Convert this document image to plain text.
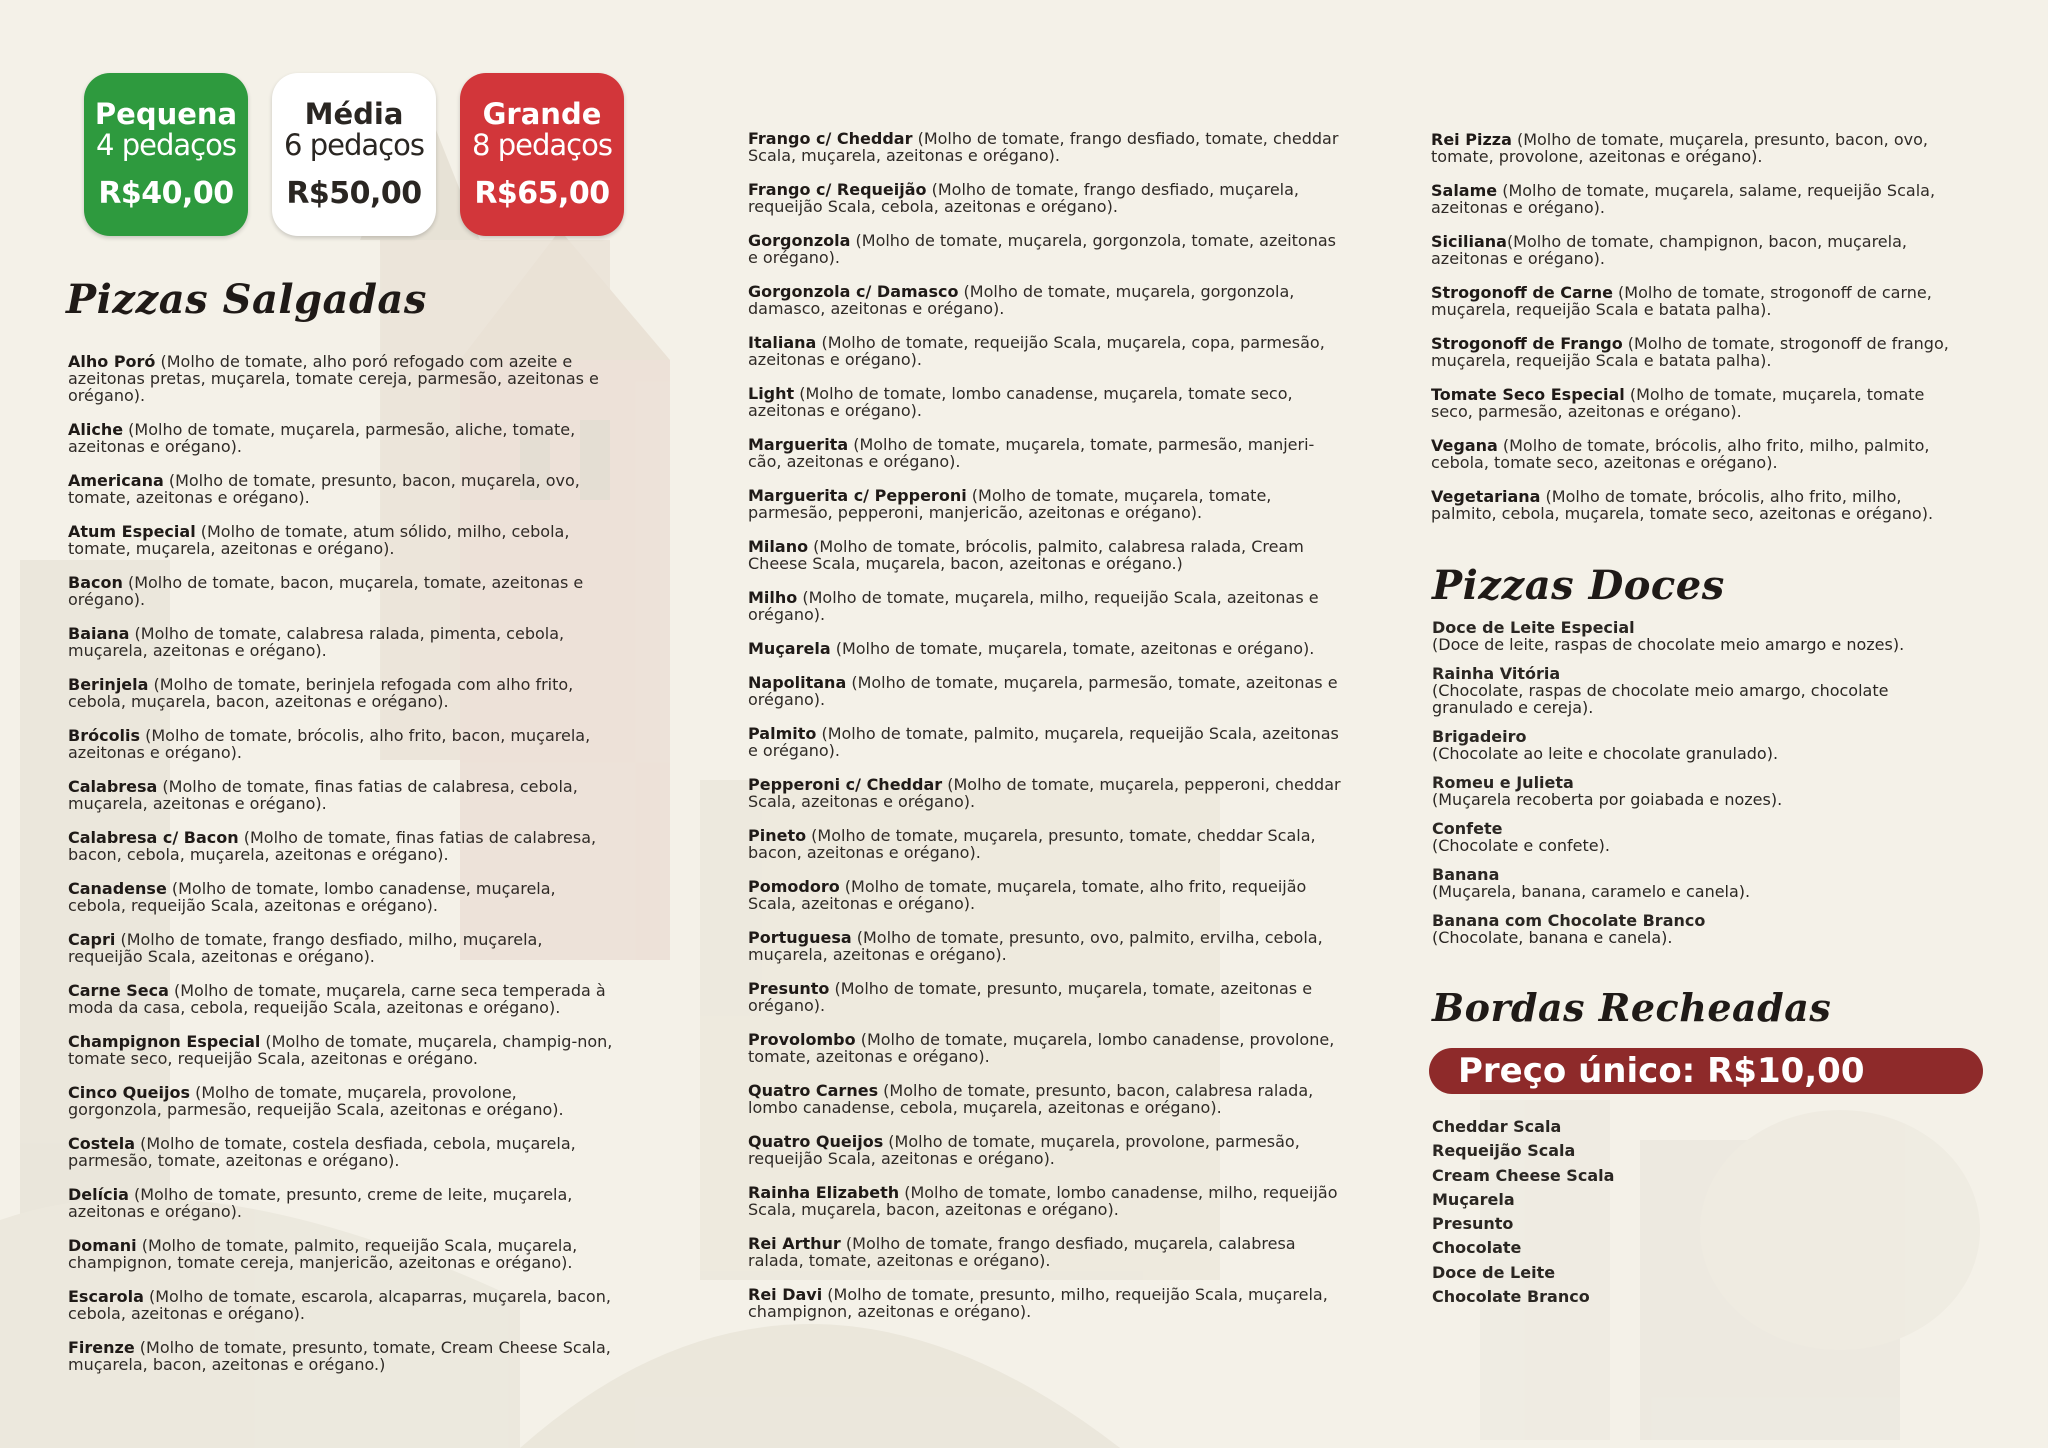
Pequena
4 pedaços
R$40,00
Média
6 pedaços
R$50,00
Grande
8 pedaços
R$65,00
Pizzas Salgadas
Alho Poró (Molho de tomate, alho poró refogado com azeite e azeitonas pretas, muçarela, tomate cereja, parmesão, azeitonas e orégano).
Aliche (Molho de tomate, muçarela, parmesão, aliche, tomate, azeitonas e orégano).
Americana (Molho de tomate, presunto, bacon, muçarela, ovo, tomate, azeitonas e orégano).
Atum Especial (Molho de tomate, atum sólido, milho, cebola, tomate, muçarela, azeitonas e orégano).
Bacon (Molho de tomate, bacon, muçarela, tomate, azeitonas e orégano).
Baiana (Molho de tomate, calabresa ralada, pimenta, cebola, muçarela, azeitonas e orégano).
Berinjela (Molho de tomate, berinjela refogada com alho frito, cebola, muçarela, bacon, azeitonas e orégano).
Brócolis (Molho de tomate, brócolis, alho frito, bacon, muçarela, azeitonas e orégano).
Calabresa (Molho de tomate, finas fatias de calabresa, cebola, muçarela, azeitonas e orégano).
Calabresa c/ Bacon (Molho de tomate, finas fatias de calabresa, bacon, cebola, muçarela, azeitonas e orégano).
Canadense (Molho de tomate, lombo canadense, muçarela, cebola, requeijão Scala, azeitonas e orégano).
Capri (Molho de tomate, frango desfiado, milho, muçarela, requeijão Scala, azeitonas e orégano).
Carne Seca (Molho de tomate, muçarela, carne seca temperada à moda da casa, cebola, requeijão Scala, azeitonas e orégano).
Champignon Especial (Molho de tomate, muçarela, champig-non, tomate seco, requeijão Scala, azeitonas e orégano.
Cinco Queijos (Molho de tomate, muçarela, provolone, gorgonzola, parmesão, requeijão Scala, azeitonas e orégano).
Costela (Molho de tomate, costela desfiada, cebola, muçarela, parmesão, tomate, azeitonas e orégano).
Delícia (Molho de tomate, presunto, creme de leite, muçarela, azeitonas e orégano).
Domani (Molho de tomate, palmito, requeijão Scala, muçarela, champignon, tomate cereja, manjericão, azeitonas e orégano).
Escarola (Molho de tomate, escarola, alcaparras, muçarela, bacon, cebola, azeitonas e orégano).
Firenze (Molho de tomate, presunto, tomate, Cream Cheese Scala, muçarela, bacon, azeitonas e orégano.)
Frango c/ Cheddar (Molho de tomate, frango desfiado, tomate, cheddar Scala, muçarela, azeitonas e orégano).
Frango c/ Requeijão (Molho de tomate, frango desfiado, muçarela, requeijão Scala, cebola, azeitonas e orégano).
Gorgonzola (Molho de tomate, muçarela, gorgonzola, tomate, azeitonas e orégano).
Gorgonzola c/ Damasco (Molho de tomate, muçarela, gorgonzola, damasco, azeitonas e orégano).
Italiana (Molho de tomate, requeijão Scala, muçarela, copa, parmesão, azeitonas e orégano).
Light (Molho de tomate, lombo canadense, muçarela, tomate seco, azeitonas e orégano).
Marguerita (Molho de tomate, muçarela, tomate, parmesão, manjeri-cão, azeitonas e orégano).
Marguerita c/ Pepperoni (Molho de tomate, muçarela, tomate, parmesão, pepperoni, manjericão, azeitonas e orégano).
Milano (Molho de tomate, brócolis, palmito, calabresa ralada, Cream Cheese Scala, muçarela, bacon, azeitonas e orégano.)
Milho (Molho de tomate, muçarela, milho, requeijão Scala, azeitonas e orégano).
Muçarela (Molho de tomate, muçarela, tomate, azeitonas e orégano).
Napolitana (Molho de tomate, muçarela, parmesão, tomate, azeitonas e orégano).
Palmito (Molho de tomate, palmito, muçarela, requeijão Scala, azeitonas e orégano).
Pepperoni c/ Cheddar (Molho de tomate, muçarela, pepperoni, cheddar Scala, azeitonas e orégano).
Pineto (Molho de tomate, muçarela, presunto, tomate, cheddar Scala, bacon, azeitonas e orégano).
Pomodoro (Molho de tomate, muçarela, tomate, alho frito, requeijão Scala, azeitonas e orégano).
Portuguesa (Molho de tomate, presunto, ovo, palmito, ervilha, cebola, muçarela, azeitonas e orégano).
Presunto (Molho de tomate, presunto, muçarela, tomate, azeitonas e orégano).
Provolombo (Molho de tomate, muçarela, lombo canadense, provolone, tomate, azeitonas e orégano).
Quatro Carnes (Molho de tomate, presunto, bacon, calabresa ralada, lombo canadense, cebola, muçarela, azeitonas e orégano).
Quatro Queijos (Molho de tomate, muçarela, provolone, parmesão, requeijão Scala, azeitonas e orégano).
Rainha Elizabeth (Molho de tomate, lombo canadense, milho, requeijão Scala, muçarela, bacon, azeitonas e orégano).
Rei Arthur (Molho de tomate, frango desfiado, muçarela, calabresa ralada, tomate, azeitonas e orégano).
Rei Davi (Molho de tomate, presunto, milho, requeijão Scala, muçarela, champignon, azeitonas e orégano).
Rei Pizza (Molho de tomate, muçarela, presunto, bacon, ovo, tomate, provolone, azeitonas e orégano).
Salame (Molho de tomate, muçarela, salame, requeijão Scala, azeitonas e orégano).
Siciliana(Molho de tomate, champignon, bacon, muçarela, azeitonas e orégano).
Strogonoff de Carne (Molho de tomate, strogonoff de carne, muçarela, requeijão Scala e batata palha).
Strogonoff de Frango (Molho de tomate, strogonoff de frango, muçarela, requeijão Scala e batata palha).
Tomate Seco Especial (Molho de tomate, muçarela, tomate seco, parmesão, azeitonas e orégano).
Vegana (Molho de tomate, brócolis, alho frito, milho, palmito, cebola, tomate seco, azeitonas e orégano).
Vegetariana (Molho de tomate, brócolis, alho frito, milho, palmito, cebola, muçarela, tomate seco, azeitonas e orégano).
Pizzas Doces
Doce de Leite Especial
(Doce de leite, raspas de chocolate meio amargo e nozes).
Rainha Vitória
(Chocolate, raspas de chocolate meio amargo, chocolate granulado e cereja).
Brigadeiro
(Chocolate ao leite e chocolate granulado).
Romeu e Julieta
(Muçarela recoberta por goiabada e nozes).
Confete
(Chocolate e confete).
Banana
(Muçarela, banana, caramelo e canela).
Banana com Chocolate Branco
(Chocolate, banana e canela).
Bordas Recheadas
Preço único: R$10,00
Cheddar Scala
Requeijão Scala
Cream Cheese Scala
Muçarela
Presunto
Chocolate
Doce de Leite
Chocolate Branco
